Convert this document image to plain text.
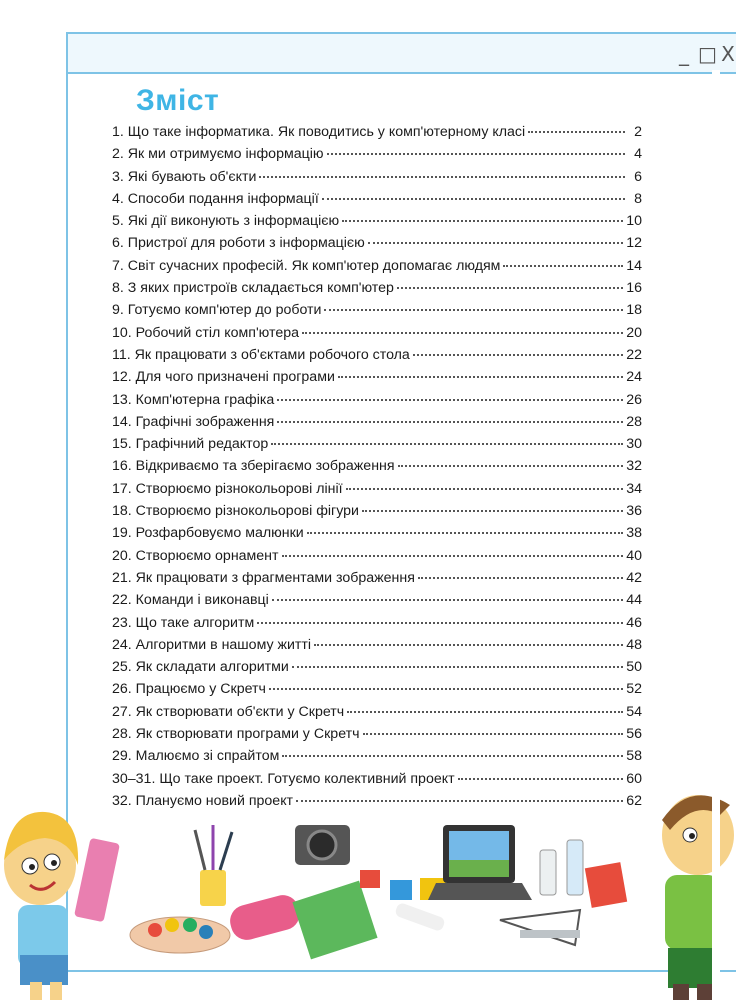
_ □ X
Зміст
1. Що таке інформатика. Як поводитись у комп'ютерному класі	2
2. Як ми отримуємо інформацію	4
3. Які бувають об'єкти	6
4. Способи подання інформації	8
5. Які дії виконують з інформацією	10
6. Пристрої для роботи з інформацією	12
7. Світ сучасних професій. Як комп'ютер допомагає людям	14
8. З яких пристроїв складається комп'ютер	16
9. Готуємо комп'ютер до роботи	18
10. Робочий стіл комп'ютера	20
11. Як працювати з об'єктами робочого стола	22
12. Для чого призначені програми	24
13. Комп'ютерна графіка	26
14. Графічні зображення	28
15. Графічний редактор	30
16. Відкриваємо та зберігаємо зображення	32
17. Створюємо різнокольорові лінії	34
18. Створюємо різнокольорові фігури	36
19. Розфарбовуємо малюнки	38
20. Створюємо орнамент	40
21. Як працювати з фрагментами зображення	42
22. Команди і виконавці	44
23. Що таке алгоритм	46
24. Алгоритми в нашому житті	48
25. Як складати алгоритми	50
26. Працюємо у Скретч	52
27. Як створювати об'єкти у Скретч	54
28. Як створювати програми у Скретч	56
29. Малюємо зі спрайтом	58
30–31. Що таке проект. Готуємо колективний проект	60
32. Плануємо новий проект	62
